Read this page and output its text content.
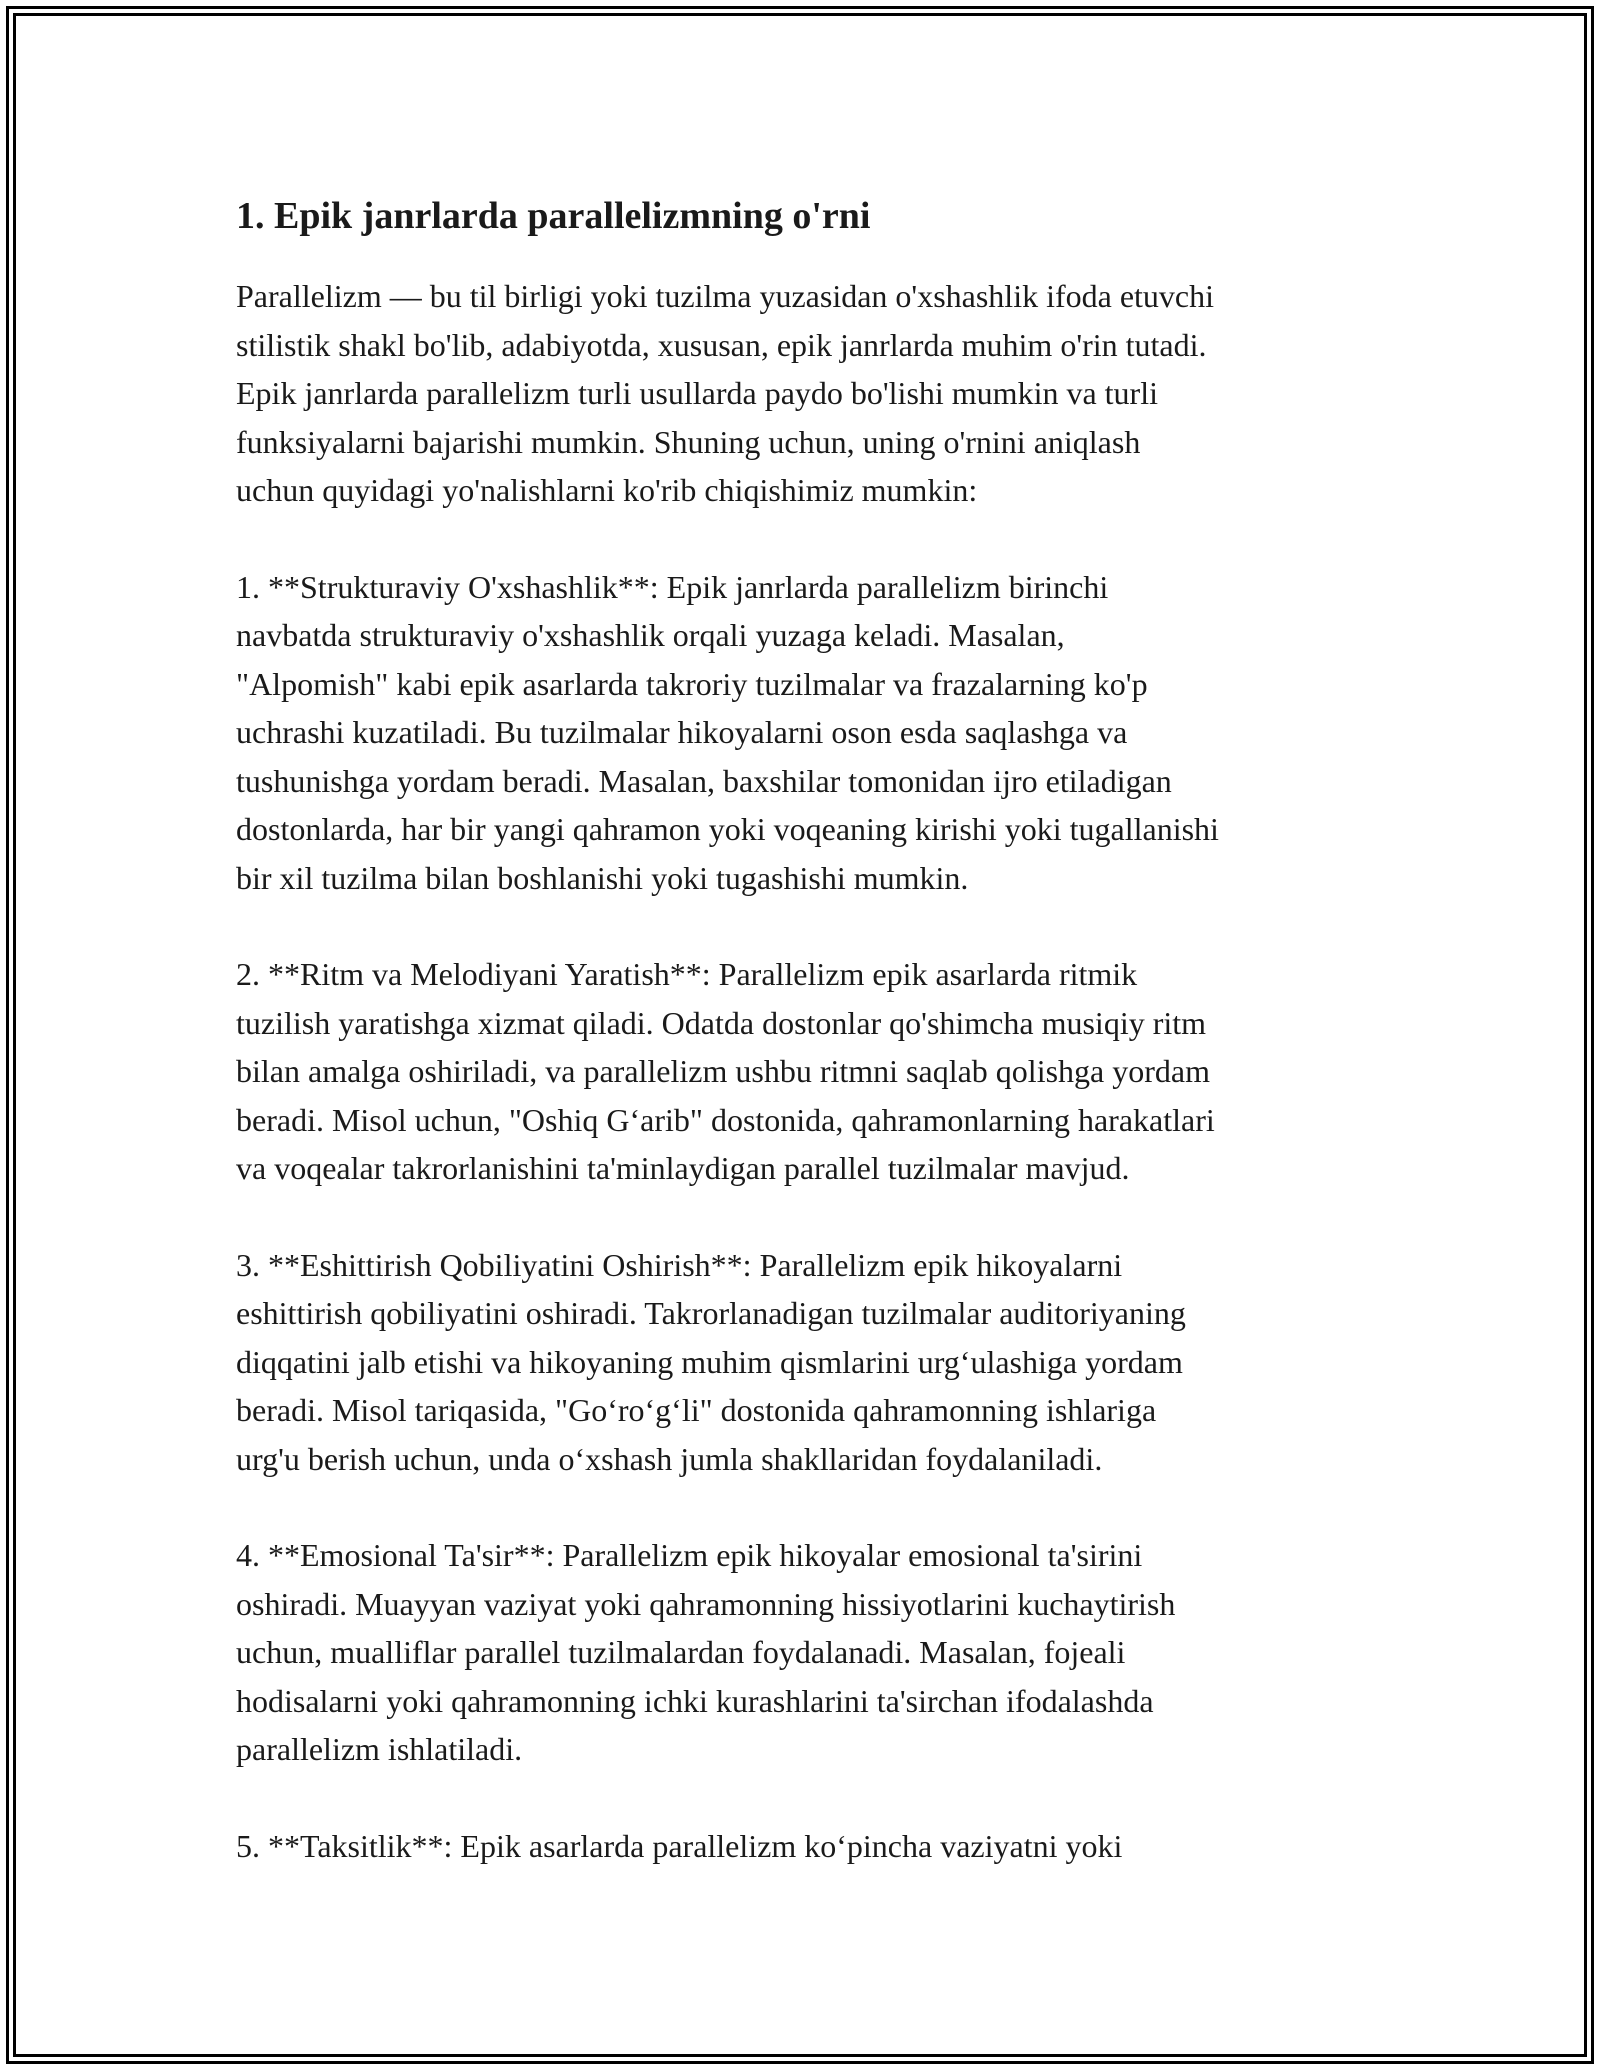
1. Epik janrlarda parallelizmning o'rni

Parallelizm — bu til birligi yoki tuzilma yuzasidan o'xshashlik ifoda etuvchi
stilistik shakl bo'lib, adabiyotda, xususan, epik janrlarda muhim o'rin tutadi.
Epik janrlarda parallelizm turli usullarda paydo bo'lishi mumkin va turli
funksiyalarni bajarishi mumkin. Shuning uchun, uning o'rnini aniqlash
uchun quyidagi yo'nalishlarni ko'rib chiqishimiz mumkin:

1. **Strukturaviy O'xshashlik**: Epik janrlarda parallelizm birinchi
navbatda strukturaviy o'xshashlik orqali yuzaga keladi. Masalan,
"Alpomish" kabi epik asarlarda takroriy tuzilmalar va frazalarning ko'p
uchrashi kuzatiladi. Bu tuzilmalar hikoyalarni oson esda saqlashga va
tushunishga yordam beradi. Masalan, baxshilar tomonidan ijro etiladigan
dostonlarda, har bir yangi qahramon yoki voqeaning kirishi yoki tugallanishi
bir xil tuzilma bilan boshlanishi yoki tugashishi mumkin.

2. **Ritm va Melodiyani Yaratish**: Parallelizm epik asarlarda ritmik
tuzilish yaratishga xizmat qiladi. Odatda dostonlar qo'shimcha musiqiy ritm
bilan amalga oshiriladi, va parallelizm ushbu ritmni saqlab qolishga yordam
beradi. Misol uchun, "Oshiq G‘arib" dostonida, qahramonlarning harakatlari
va voqealar takrorlanishini ta'minlaydigan parallel tuzilmalar mavjud.

3. **Eshittirish Qobiliyatini Oshirish**: Parallelizm epik hikoyalarni
eshittirish qobiliyatini oshiradi. Takrorlanadigan tuzilmalar auditoriyaning
diqqatini jalb etishi va hikoyaning muhim qismlarini urg‘ulashiga yordam
beradi. Misol tariqasida, "Go‘ro‘g‘li" dostonida qahramonning ishlariga
urg'u berish uchun, unda o‘xshash jumla shakllaridan foydalaniladi.

4. **Emosional Ta'sir**: Parallelizm epik hikoyalar emosional ta'sirini
oshiradi. Muayyan vaziyat yoki qahramonning hissiyotlarini kuchaytirish
uchun, mualliflar parallel tuzilmalardan foydalanadi. Masalan, fojeali
hodisalarni yoki qahramonning ichki kurashlarini ta'sirchan ifodalashda
parallelizm ishlatiladi.

5. **Taksitlik**: Epik asarlarda parallelizm ko‘pincha vaziyatni yoki
